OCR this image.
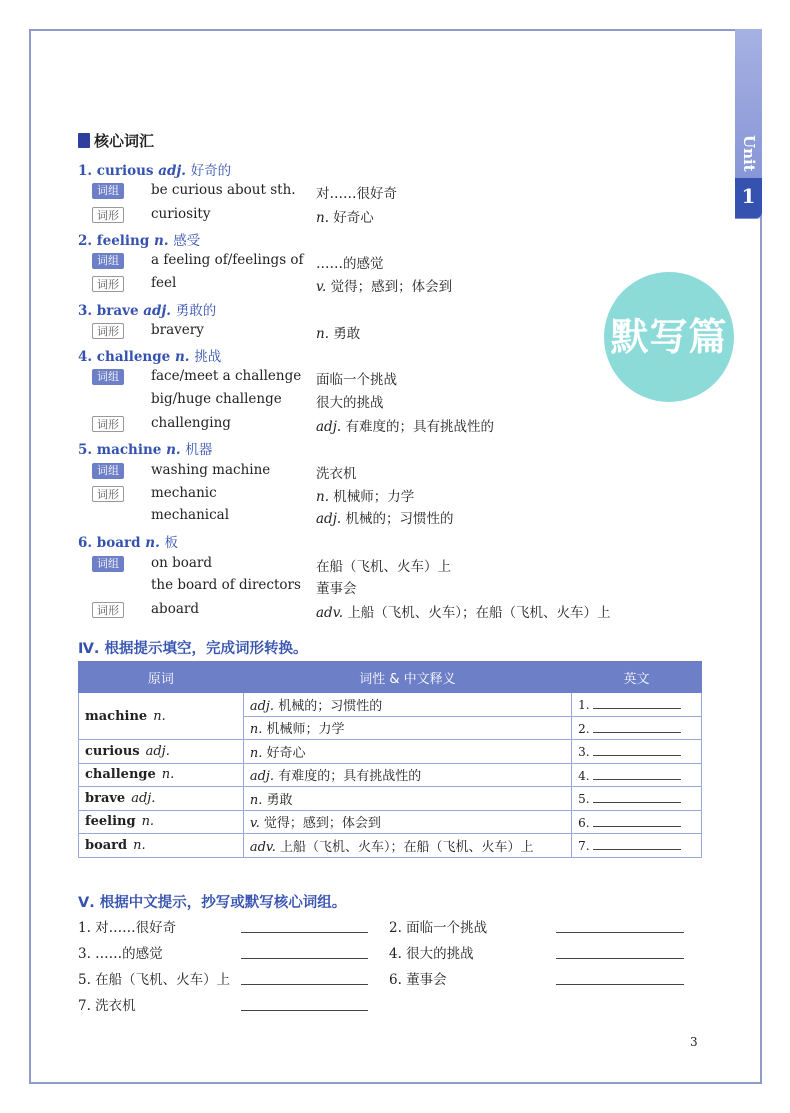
Unit
1
默写篇
核心词汇
1. curious adj. 好奇的
词组	be curious about sth. 对……很好奇
词形	curiosity	n. 好奇心
2. feeling n. 感受
词组	a feeling of/feelings of ……的感觉
词形	feel	v. 觉得；感到；体会到
3. brave adj. 勇敢的
词形	bravery	n. 勇敢
4. challenge n. 挑战
词组	face/meet a challenge 面临一个挑战
big/huge challenge	很大的挑战
词形	challenging	adj. 有难度的；具有挑战性的
5. machine n. 机器
词组	washing machine	洗衣机
词形	mechanic	n. 机械师；力学
mechanical	adj. 机械的；习惯性的
6. board n. 板
词组	on board	在船（飞机、火车）上
the board of directors 董事会
词形	aboard	adv. 上船（飞机、火车）；在船（飞机、火车）上
Ⅳ. 根据提示填空，完成词形转换。
原词	词性 & 中文释义	英文
machine n.	adj. 机械的；习惯性的	1.
	n. 机械师；力学	2.
curious adj.	n. 好奇心	3.
challenge n.	adj. 有难度的；具有挑战性的	4.
brave adj.	n. 勇敢	5.
feeling n.	v. 觉得；感到；体会到	6.
board n.	adv. 上船（飞机、火车）；在船（飞机、火车）上	7.
Ⅴ. 根据中文提示，抄写或默写核心词组。
1. 对……很好奇	2. 面临一个挑战
3. ……的感觉	4. 很大的挑战
5. 在船（飞机、火车）上	6. 董事会
7. 洗衣机
3
